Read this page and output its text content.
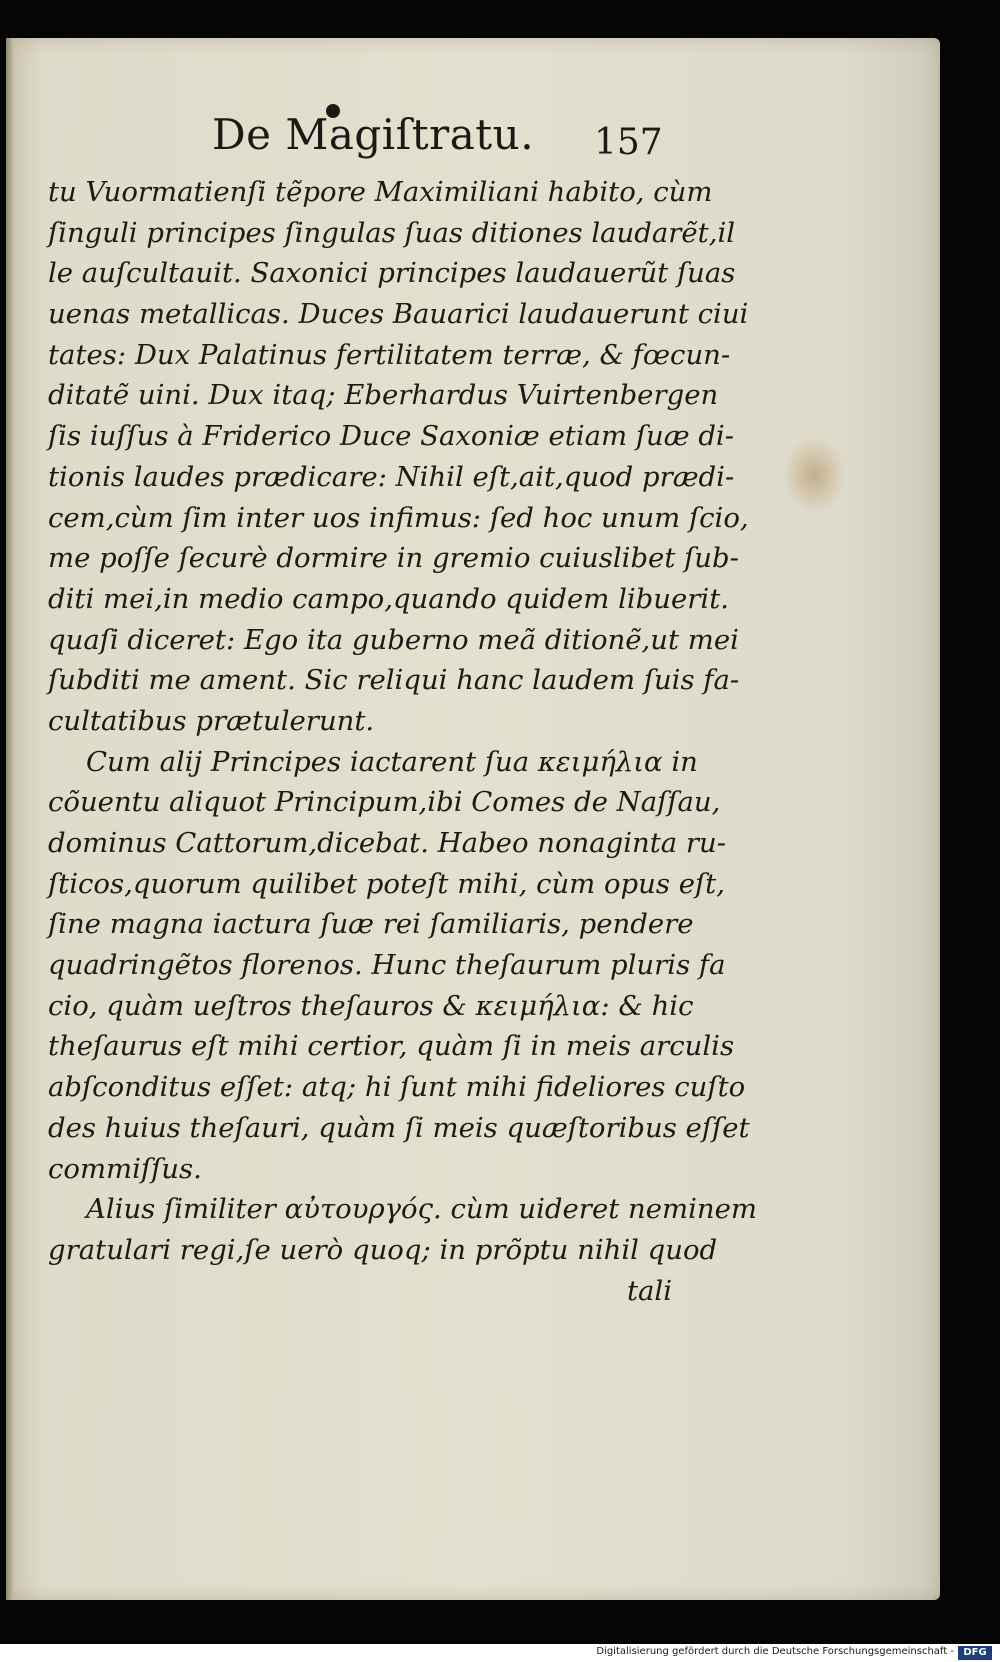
De Magiſtratu. 157
tu Vuormatienſi tẽpore Maximiliani habito, cùm
ſinguli principes ſingulas ſuas ditiones laudarẽt,il
le auſcultauit. Saxonici principes laudauerũt ſuas
uenas metallicas. Duces Bauarici laudauerunt ciui
tates: Dux Palatinus fertilitatem terræ, & fœcun-
ditatẽ uini. Dux itaq; Eberhardus Vuirtenbergen
ſis iuſſus à Friderico Duce Saxoniæ etiam ſuæ di-
tionis laudes prædicare: Nihil eſt,ait,quod prædi-
cem,cùm ſim inter uos infimus: ſed hoc unum ſcio,
me poſſe ſecurè dormire in gremio cuiuslibet ſub-
diti mei,in medio campo,quando quidem libuerit.
quaſi diceret: Ego ita guberno meã ditionẽ,ut mei
ſubditi me ament. Sic reliqui hanc laudem ſuis fa-
cultatibus prætulerunt.
Cum alij Principes iactarent ſua κειμήλια in
cõuentu aliquot Principum,ibi Comes de Naſſau,
dominus Cattorum,dicebat. Habeo nonaginta ru-
ſticos,quorum quilibet poteſt mihi, cùm opus eſt,
ſine magna iactura ſuæ rei ſamiliaris, pendere
quadringẽtos florenos. Hunc theſaurum pluris fa
cio, quàm ueſtros theſauros & κειμήλια: & hic
theſaurus eſt mihi certior, quàm ſi in meis arculis
abſconditus eſſet: atq; hi ſunt mihi fideliores cuſto
des huius theſauri, quàm ſi meis quæſtoribus eſſet
commiſſus.
Alius ſimiliter αὐτουργός. cùm uideret neminem
gratulari regi,ſe uerò quoq; in prõptu nihil quod
tali
Digitalisierung gefördert durch die Deutsche Forschungsgemeinschaft - DFG
